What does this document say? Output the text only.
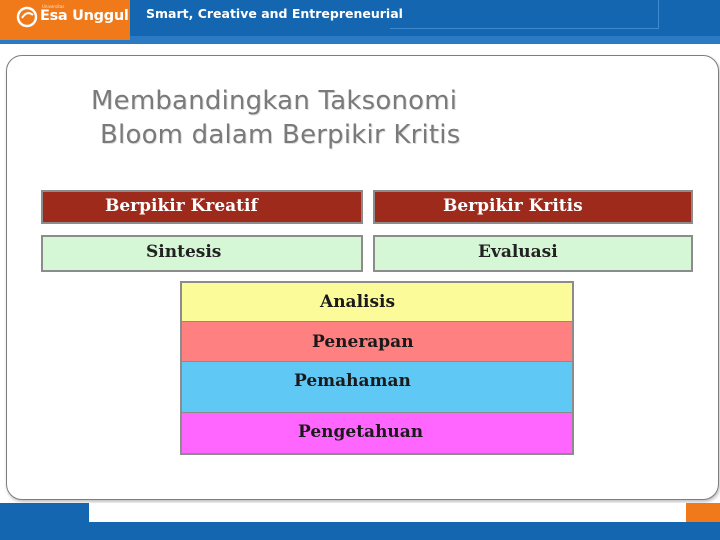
Universitas
Esa Unggul Smart, Creative and Entrepreneurial
Membandingkan Taksonomi
Bloom dalam Berpikir Kritis
Berpikir Kreatif	Berpikir Kritis
Sintesis	Evaluasi
Analisis
Penerapan
Pemahaman
Pengetahuan
